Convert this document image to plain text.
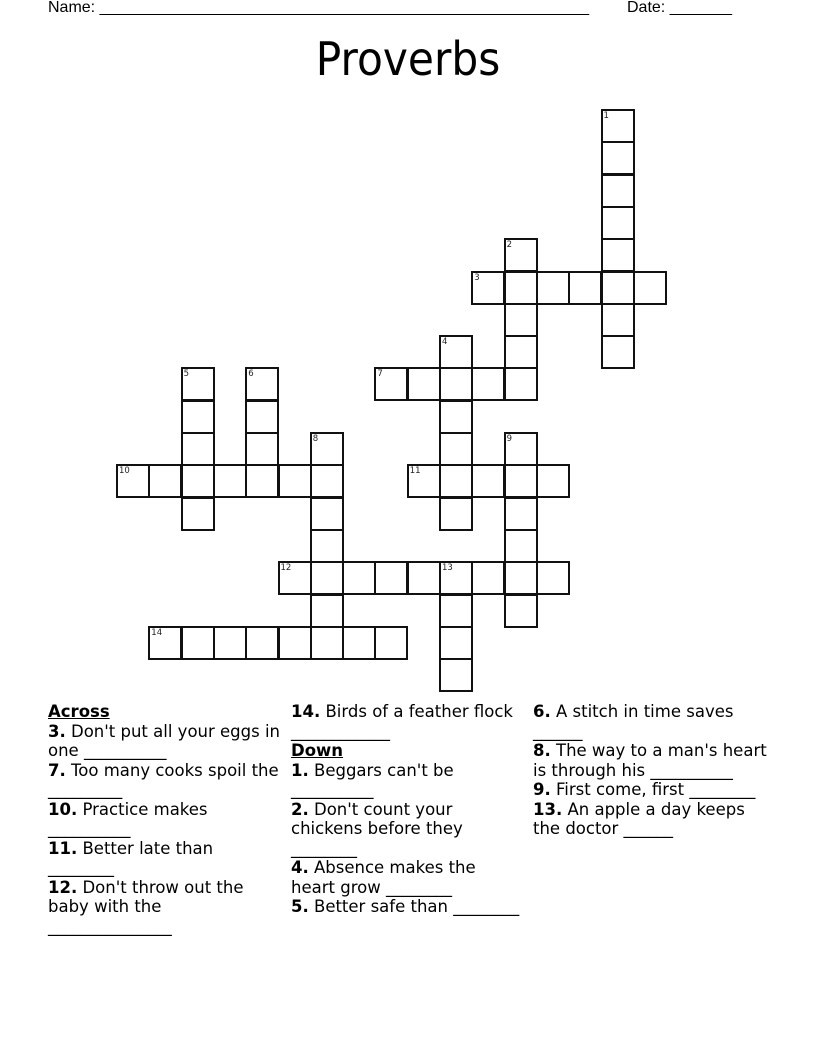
Name: _______________________________________________________ Date: _______
Proverbs
1
2
3
4
5	6	7
8	9
10	11
12	13
14
Across
3. Don't put all your eggs in one __________
7. Too many cooks spoil the _________
10. Practice makes __________
11. Better late than ________
12. Don't throw out the baby with the _______________
14. Birds of a feather flock ____________
Down
1. Beggars can't be __________
2. Don't count your chickens before they ________
4. Absence makes the heart grow ________
5. Better safe than ________
6. A stitch in time saves ______
8. The way to a man's heart is through his __________
9. First come, first ________
13. An apple a day keeps the doctor ______
